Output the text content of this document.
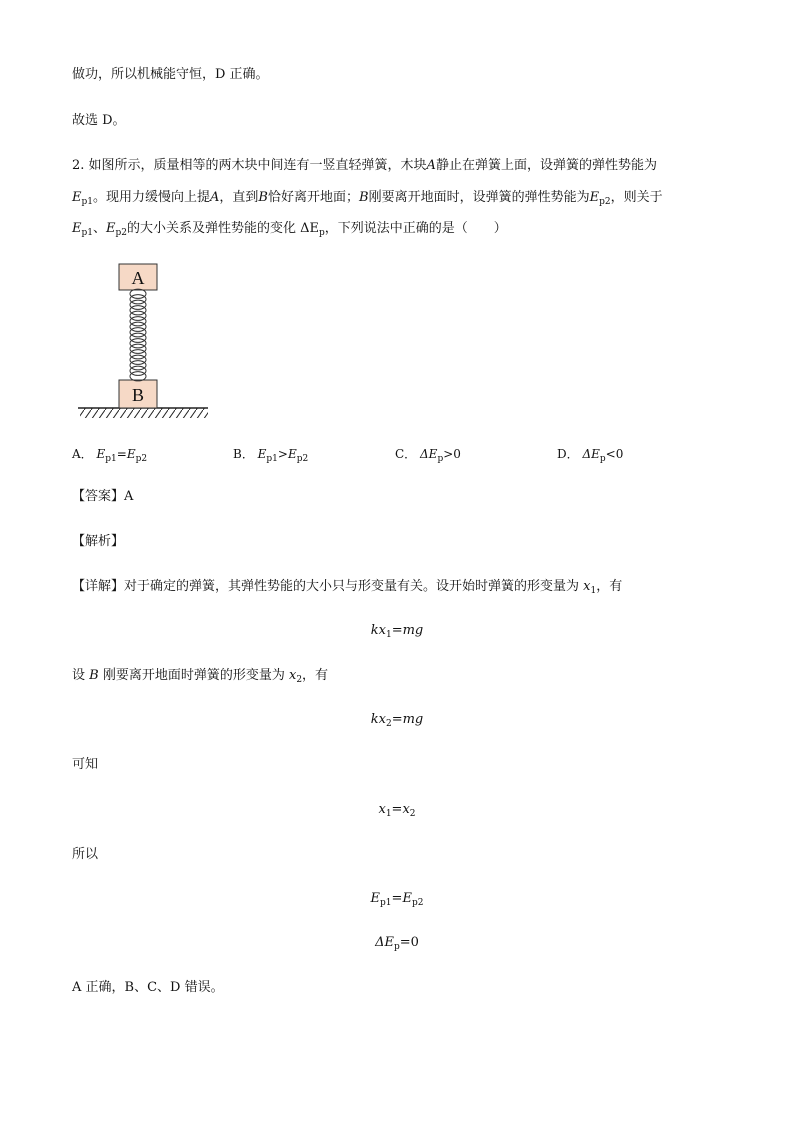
做功，所以机械能守恒，D 正确。
故选 D。
2. 如图所示，质量相等的两木块中间连有一竖直轻弹簧，木块A静止在弹簧上面，设弹簧的弹性势能为
$E_{p1}$。现用力缓慢向上提A，直到B恰好离开地面；B刚要离开地面时，设弹簧的弹性势能为$E_{p2}$，则关于
$E_{p1}$、$E_{p2}$的大小关系及弹性势能的变化 $\Delta E_p$，下列说法中正确的是（　　）
B
A
A． $E_{p1}=E_{p2}$	B． $E_{p1}>E_{p2}$	C． $\Delta E_p>0$	D． $\Delta E_p<0$
【答案】A
【解析】
【详解】对于确定的弹簧，其弹性势能的大小只与形变量有关。设开始时弹簧的形变量为 $x_1$，有
$kx_1=mg$
设 B 刚要离开地面时弹簧的形变量为 $x_2$，有
$kx_2=mg$
可知
$x_1=x_2$
所以
$E_{p1}=E_{p2}$
$\Delta E_p=0$
A 正确，B、C、D 错误。
